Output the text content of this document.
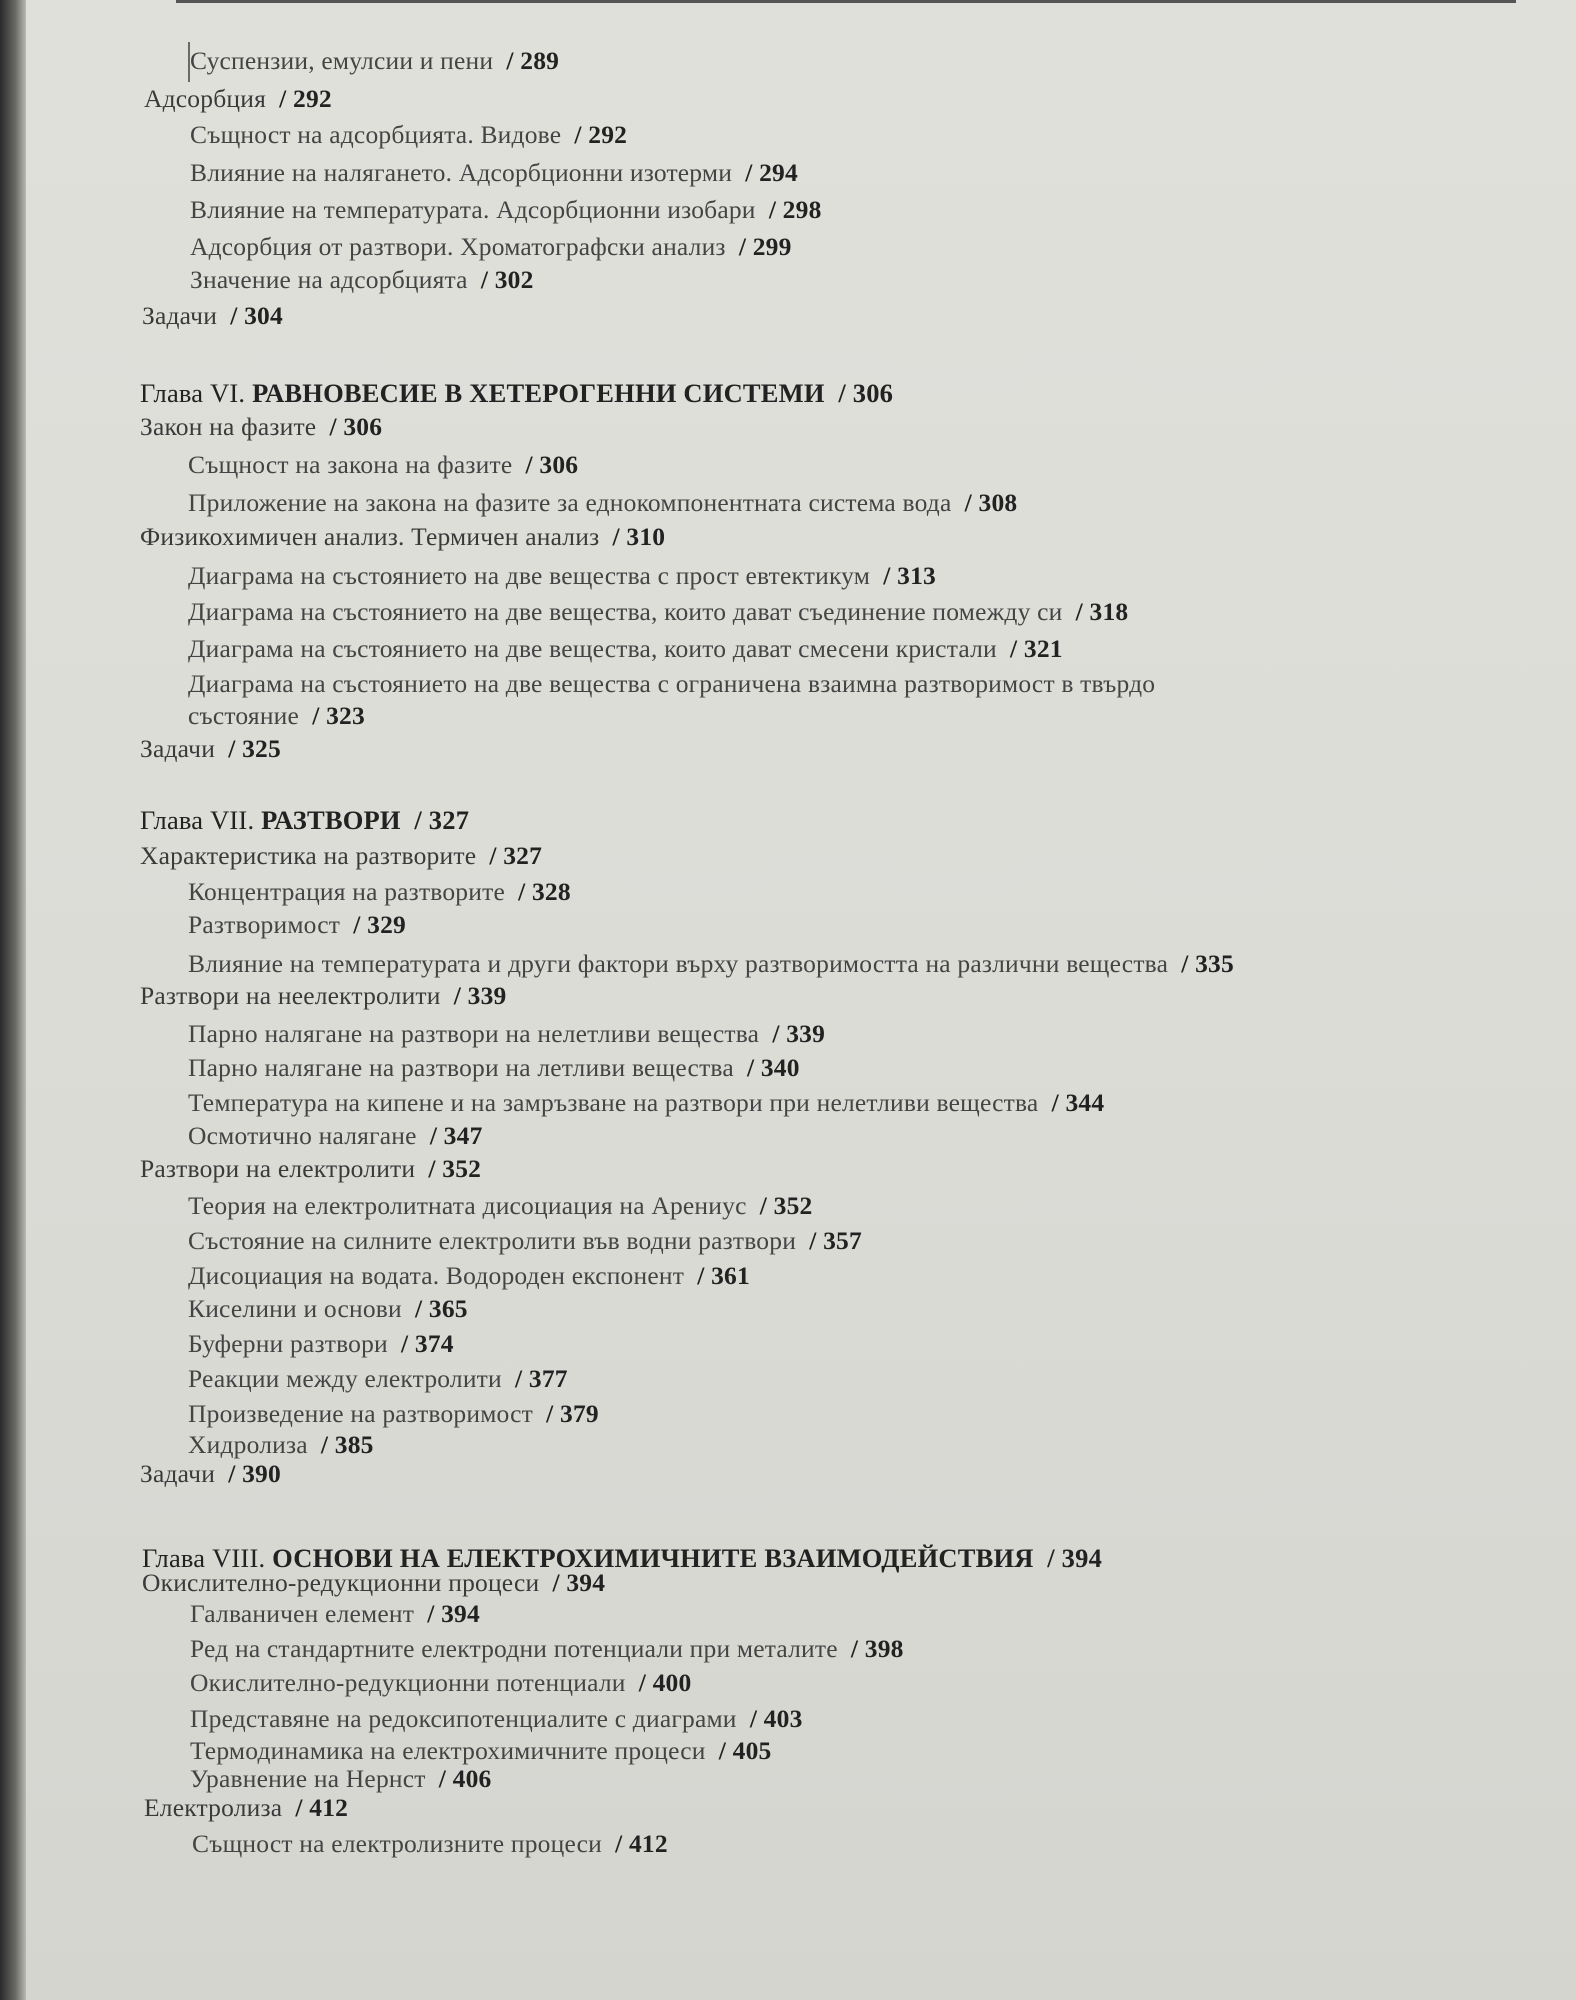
Суспензии, емулсии и пени / 289
Адсорбция / 292
Същност на адсорбцията. Видове / 292
Влияние на налягането. Адсорбционни изотерми / 294
Влияние на температурата. Адсорбционни изобари / 298
Адсорбция от разтвори. Хроматографски анализ / 299
Значение на адсорбцията / 302
Задачи / 304
Глава VI. РАВНОВЕСИЕ В ХЕТЕРОГЕННИ СИСТЕМИ / 306
Закон на фазите / 306
Същност на закона на фазите / 306
Приложение на закона на фазите за еднокомпонентната система вода / 308
Физикохимичен анализ. Термичен анализ / 310
Диаграма на състоянието на две вещества с прост евтектикум / 313
Диаграма на състоянието на две вещества, които дават съединение помежду си / 318
Диаграма на състоянието на две вещества, които дават смесени кристали / 321
Диаграма на състоянието на две вещества с ограничена взаимна разтворимост в твърдо
състояние / 323
Задачи / 325
Глава VII. РАЗТВОРИ / 327
Характеристика на разтворите / 327
Концентрация на разтворите / 328
Разтворимост / 329
Влияние на температурата и други фактори върху разтворимостта на различни вещества / 335
Разтвори на неелектролити / 339
Парно налягане на разтвори на нелетливи вещества / 339
Парно налягане на разтвори на летливи вещества / 340
Температура на кипене и на замръзване на разтвори при нелетливи вещества / 344
Осмотично налягане / 347
Разтвори на електролити / 352
Теория на електролитната дисоциация на Арениус / 352
Състояние на силните електролити във водни разтвори / 357
Дисоциация на водата. Водороден експонент / 361
Киселини и основи / 365
Буферни разтвори / 374
Реакции между електролити / 377
Произведение на разтворимост / 379
Хидролиза / 385
Задачи / 390
Глава VIII. ОСНОВИ НА ЕЛЕКТРОХИМИЧНИТЕ ВЗАИМОДЕЙСТВИЯ / 394
Окислително-редукционни процеси / 394
Галваничен елемент / 394
Ред на стандартните електродни потенциали при металите / 398
Окислително-редукционни потенциали / 400
Представяне на редоксипотенциалите с диаграми / 403
Термодинамика на електрохимичните процеси / 405
Уравнение на Нернст / 406
Електролиза / 412
Същност на електролизните процеси / 412
